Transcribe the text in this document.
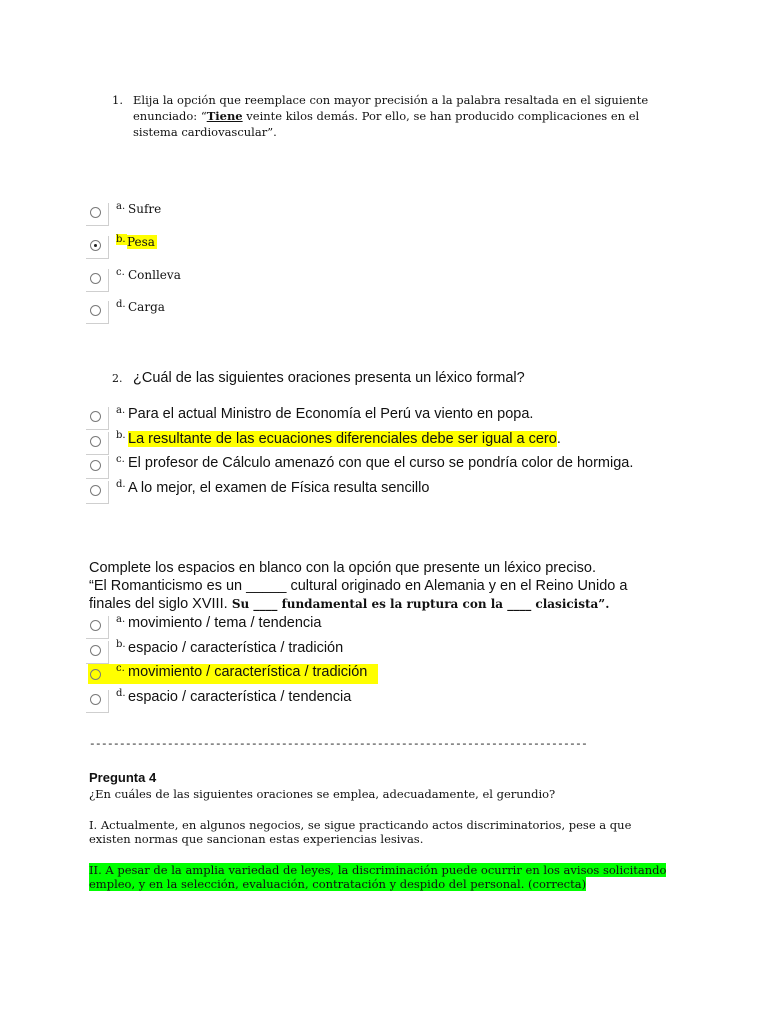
1. Elija la opción que reemplace con mayor precisión a la palabra resaltada en el siguiente enunciado: “Tiene veinte kilos demás. Por ello, se han producido complicaciones en el sistema cardiovascular”.
a. Sufre
b. Pesa
c. Conlleva
d. Carga
2. ¿Cuál de las siguientes oraciones presenta un léxico formal?
a. Para el actual Ministro de Economía el Perú va viento en popa.
b. La resultante de las ecuaciones diferenciales debe ser igual a cero.
c. El profesor de Cálculo amenazó con que el curso se pondría color de hormiga.
d. A lo mejor, el examen de Física resulta sencillo
Complete los espacios en blanco con la opción que presente un léxico preciso.
“El Romanticismo es un _____ cultural originado en Alemania y en el Reino Unido a
finales del siglo XVIII. Su ____ fundamental es la ruptura con la ____ clasicista”.
a. movimiento / tema / tendencia
b. espacio / característica / tradición
c. movimiento / característica / tradición
d. espacio / característica / tendencia
-----------------------------------------------------------------------------------
Pregunta 4
¿En cuáles de las siguientes oraciones se emplea, adecuadamente, el gerundio?
I. Actualmente, en algunos negocios, se sigue practicando actos discriminatorios, pese a que existen normas que sancionan estas experiencias lesivas.
II. A pesar de la amplia variedad de leyes, la discriminación puede ocurrir en los avisos solicitando empleo, y en la selección, evaluación, contratación y despido del personal. (correcta)
